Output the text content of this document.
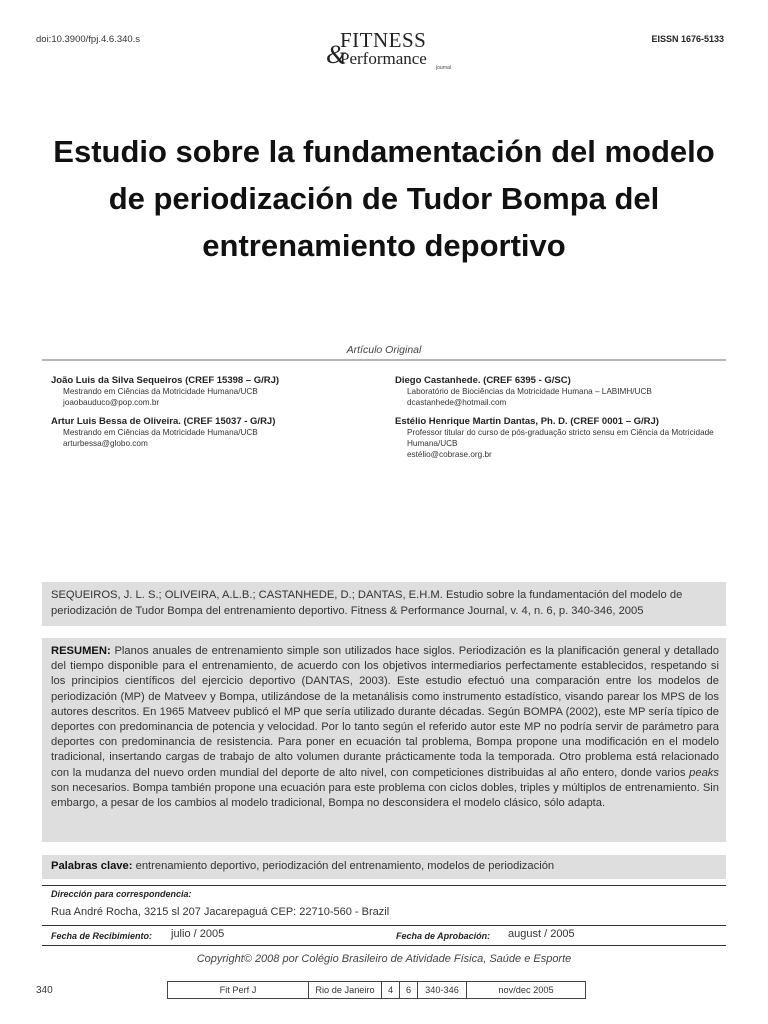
doi:10.3900/fpj.4.6.340.s	FITNESS
&
Performance journal
EISSN 1676-5133
Estudio sobre la fundamentación del modelo de periodización de Tudor Bompa del entrenamiento deportivo
Artículo Original
João Luis da Silva Sequeiros (CREF 15398 – G/RJ)
Mestrando em Ciências da Motricidade Humana/UCB
joaobauduco@pop.com.br
Artur Luis Bessa de Oliveira. (CREF 15037 - G/RJ)
Mestrando em Ciências da Motricidade Humana/UCB
arturbessa@globo.com
Diego Castanhede. (CREF 6395 - G/SC)
Laboratório de Biociências da Motricidade Humana – LABIMH/UCB
dcastanhede@hotmail.com
Estélio Henrique Martin Dantas, Ph. D. (CREF 0001 – G/RJ)
Professor titular do curso de pós-graduação stricto sensu em Ciência da Motricidade
Humana/UCB
estélio@cobrase.org.br
SEQUEIROS, J. L. S.; OLIVEIRA, A.L.B.; CASTANHEDE, D.; DANTAS, E.H.M. Estudio sobre la fundamentación del modelo de periodización de Tudor Bompa del entrenamiento deportivo. Fitness & Performance Journal, v. 4, n. 6, p. 340-346, 2005
RESUMEN: Planos anuales de entrenamiento simple son utilizados hace siglos. Periodización es la planificación general y detallado del tiempo disponible para el entrenamiento, de acuerdo con los objetivos intermediarios perfectamente establecidos, respetando si los principios científicos del ejercicio deportivo (DANTAS, 2003). Este estudio efectuó una comparación entre los modelos de periodización (MP) de Matveev y Bompa, utilizándose de la metanálisis como instrumento estadístico, visando parear los MPS de los autores descritos. En 1965 Matveev publicó el MP que sería utilizado durante décadas. Según BOMPA (2002), este MP sería típico de deportes con predominancia de potencia y velocidad. Por lo tanto según el referido autor este MP no podría servir de parámetro para deportes con predominancia de resistencia. Para poner en ecuación tal problema, Bompa propone una modificación en el modelo tradicional, insertando cargas de trabajo de alto volumen durante prácticamente toda la temporada. Otro problema está relacionado con la mudanza del nuevo orden mundial del deporte de alto nivel, con competiciones distribuidas al año entero, donde varios peaks son necesarios. Bompa también propone una ecuación para este problema con ciclos dobles, triples y múltiplos de entrenamiento. Sin embargo, a pesar de los cambios al modelo tradicional, Bompa no desconsidera el modelo clásico, sólo adapta.
Palabras clave: entrenamiento deportivo, periodización del entrenamiento, modelos de periodización
Dirección para correspondencia:
Rua André Rocha, 3215 sl 207 Jacarepaguá CEP: 22710-560 - Brazil
Fecha de Recibimiento: julio / 2005	Fecha de Aprobación: august / 2005
Copyright© 2008 por Colégio Brasileiro de Atividade Física, Saúde e Esporte
340	Fit Perf J	Rio de Janeiro	4	6	340-346	nov/dec 2005
